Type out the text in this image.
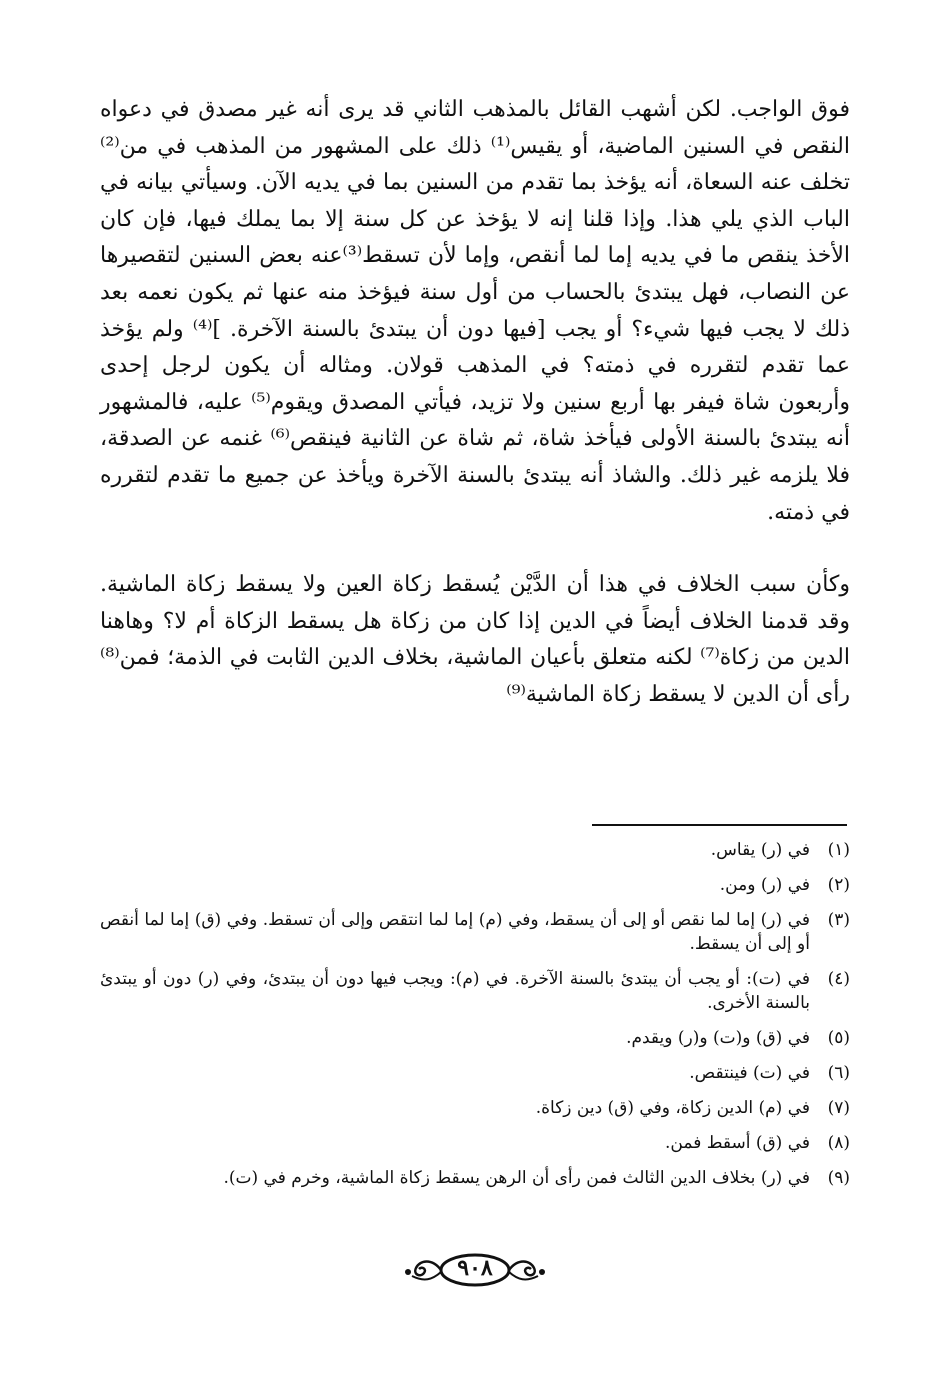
فوق الواجب. لكن أشهب القائل بالمذهب الثاني قد يرى أنه غير مصدق في دعواه النقص في السنين الماضية، أو يقيس⁽¹⁾ ذلك على المشهور من المذهب في من⁽²⁾ تخلف عنه السعاة، أنه يؤخذ بما تقدم من السنين بما في يديه الآن. وسيأتي بيانه في الباب الذي يلي هذا. وإذا قلنا إنه لا يؤخذ عن كل سنة إلا بما يملك فيها، فإن كان الأخذ ينقص ما في يديه إما لما أنقص، وإما لأن تسقط⁽³⁾عنه بعض السنين لتقصيرها عن النصاب، فهل يبتدئ بالحساب من أول سنة فيؤخذ منه عنها ثم يكون نعمه بعد ذلك لا يجب فيها شيء؟ أو يجب [فيها دون أن يبتدئ بالسنة الآخرة. ]⁽⁴⁾ ولم يؤخذ عما تقدم لتقرره في ذمته؟ في المذهب قولان. ومثاله أن يكون لرجل إحدى وأربعون شاة فيفر بها أربع سنين ولا تزيد، فيأتي المصدق ويقوم⁽⁵⁾ عليه، فالمشهور أنه يبتدئ بالسنة الأولى فيأخذ شاة، ثم شاة عن الثانية فينقص⁽⁶⁾ غنمه عن الصدقة، فلا يلزمه غير ذلك. والشاذ أنه يبتدئ بالسنة الآخرة ويأخذ عن جميع ما تقدم لتقرره في ذمته.

وكأن سبب الخلاف في هذا أن الدَّيْن يُسقط زكاة العين ولا يسقط زكاة الماشية. وقد قدمنا الخلاف أيضاً في الدين إذا كان من زكاة هل يسقط الزكاة أم لا؟ وهاهنا الدين من زكاة⁽⁷⁾ لكنه متعلق بأعيان الماشية، بخلاف الدين الثابت في الذمة؛ فمن⁽⁸⁾ رأى أن الدين لا يسقط زكاة الماشية⁽⁹⁾

(١)
في (ر) يقاس.
(٢)
في (ر) ومن.
(٣)
في (ر) إما لما نقص أو إلى أن يسقط، وفي (م) إما لما انتقص وإلى أن تسقط. وفي (ق) إما لما أنقص أو إلى أن يسقط.
(٤)
في (ت): أو يجب أن يبتدئ بالسنة الآخرة. في (م): ويجب فيها دون أن يبتدئ، وفي (ر) دون أو يبتدئ بالسنة الأخرى.
(٥)
في (ق) و(ت) و(ر) ويقدم.
(٦)
في (ت) فينتقص.
(٧)
في (م) الدين زكاة، وفي (ق) دين زكاة.
(٨)
في (ق) أسقط فمن.
(٩)
في (ر) بخلاف الدين الثالث فمن رأى أن الرهن يسقط زكاة الماشية، وخرم في (ت).
٩٠٨
